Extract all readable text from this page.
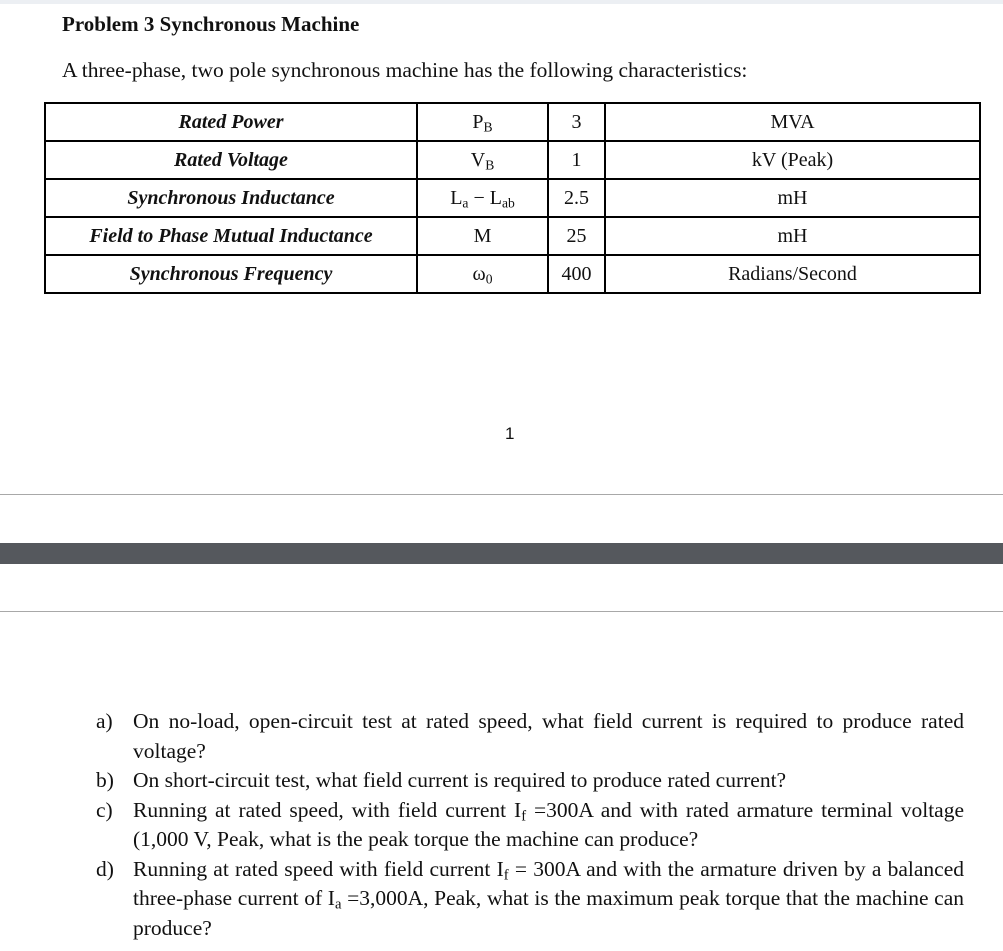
Problem 3 Synchronous Machine
A three-phase, two pole synchronous machine has the following characteristics:
Rated Power	$P_B$	3	MVA
Rated Voltage	$V_B$	1	kV (Peak)
Synchronous Inductance	$L_a - L_{ab}$	2.5	mH
Field to Phase Mutual Inductance	M	25	mH
Synchronous Frequency	$\omega_0$	400	Radians/Second
1
a) On no-load, open-circuit test at rated speed, what field current is required to produce rated voltage?
b) On short-circuit test, what field current is required to produce rated current?
c) Running at rated speed, with field current $I_f =300A$ and with rated armature terminal voltage (1,000 V, Peak, what is the peak torque the machine can produce?
d) Running at rated speed with field current $I_f = 300A$ and with the armature driven by a balanced three-phase current of $I_a =3,000A$, Peak, what is the maximum peak torque that the machine can produce?
